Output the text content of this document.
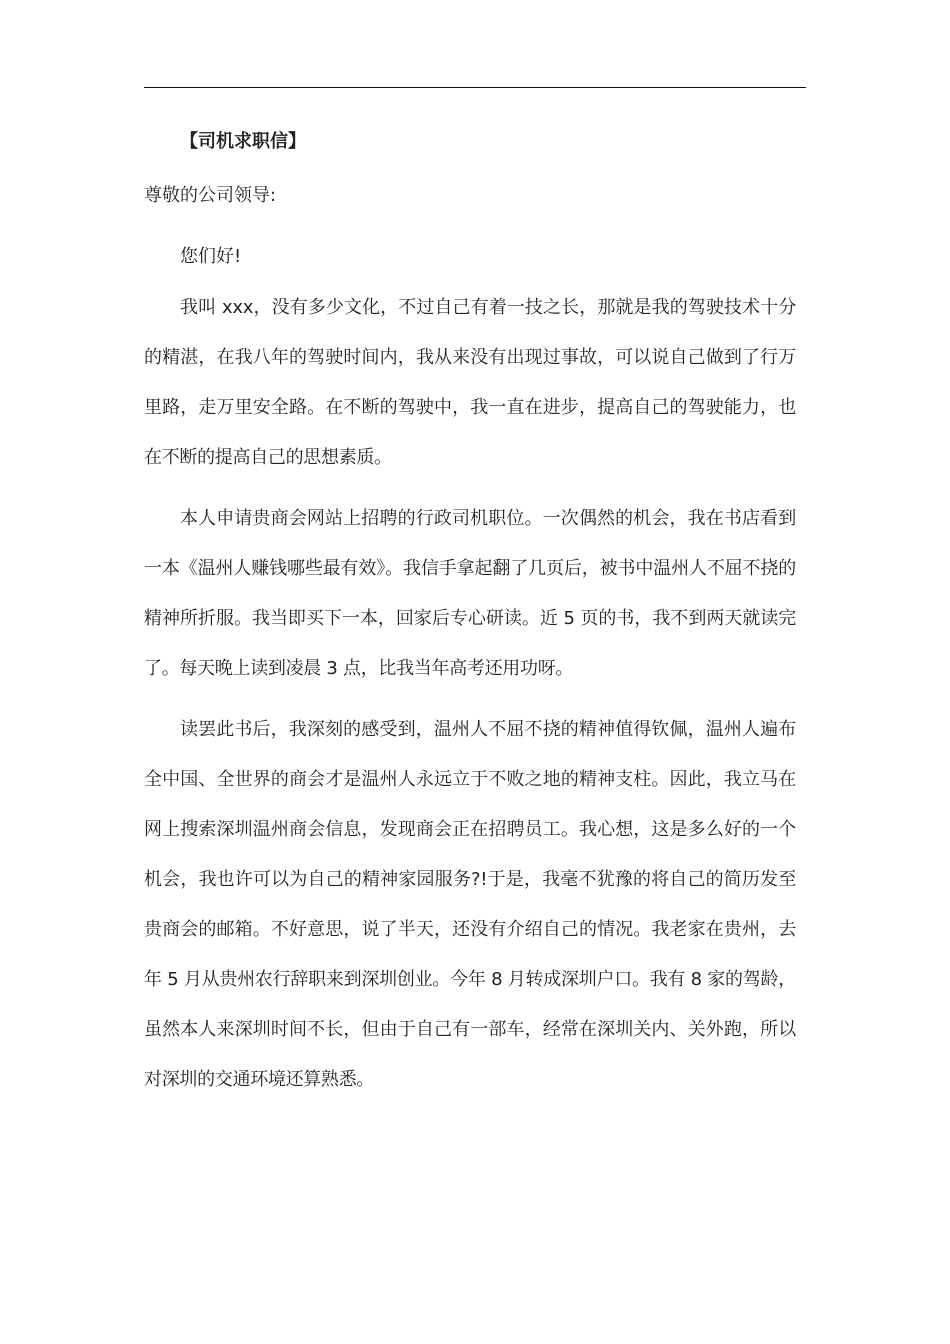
【司机求职信】

尊敬的公司领导:

您们好!

我叫 xxx，没有多少文化，不过自己有着一技之长，那就是我的驾驶技术十分的精湛，在我八年的驾驶时间内，我从来没有出现过事故，可以说自己做到了行万里路，走万里安全路。在不断的驾驶中，我一直在进步，提高自己的驾驶能力，也在不断的提高自己的思想素质。

本人申请贵商会网站上招聘的行政司机职位。一次偶然的机会，我在书店看到一本《温州人赚钱哪些最有效》。我信手拿起翻了几页后，被书中温州人不屈不挠的精神所折服。我当即买下一本，回家后专心研读。近 5 页的书，我不到两天就读完了。每天晚上读到凌晨 3 点，比我当年高考还用功呀。

读罢此书后，我深刻的感受到，温州人不屈不挠的精神值得钦佩，温州人遍布全中国、全世界的商会才是温州人永远立于不败之地的精神支柱。因此，我立马在网上搜索深圳温州商会信息，发现商会正在招聘员工。我心想，这是多么好的一个机会，我也许可以为自己的精神家园服务?!于是，我毫不犹豫的将自己的简历发至贵商会的邮箱。不好意思，说了半天，还没有介绍自己的情况。我老家在贵州，去年 5 月从贵州农行辞职来到深圳创业。今年 8 月转成深圳户口。我有 8 家的驾龄，虽然本人来深圳时间不长，但由于自己有一部车，经常在深圳关内、关外跑，所以对深圳的交通环境还算熟悉。
